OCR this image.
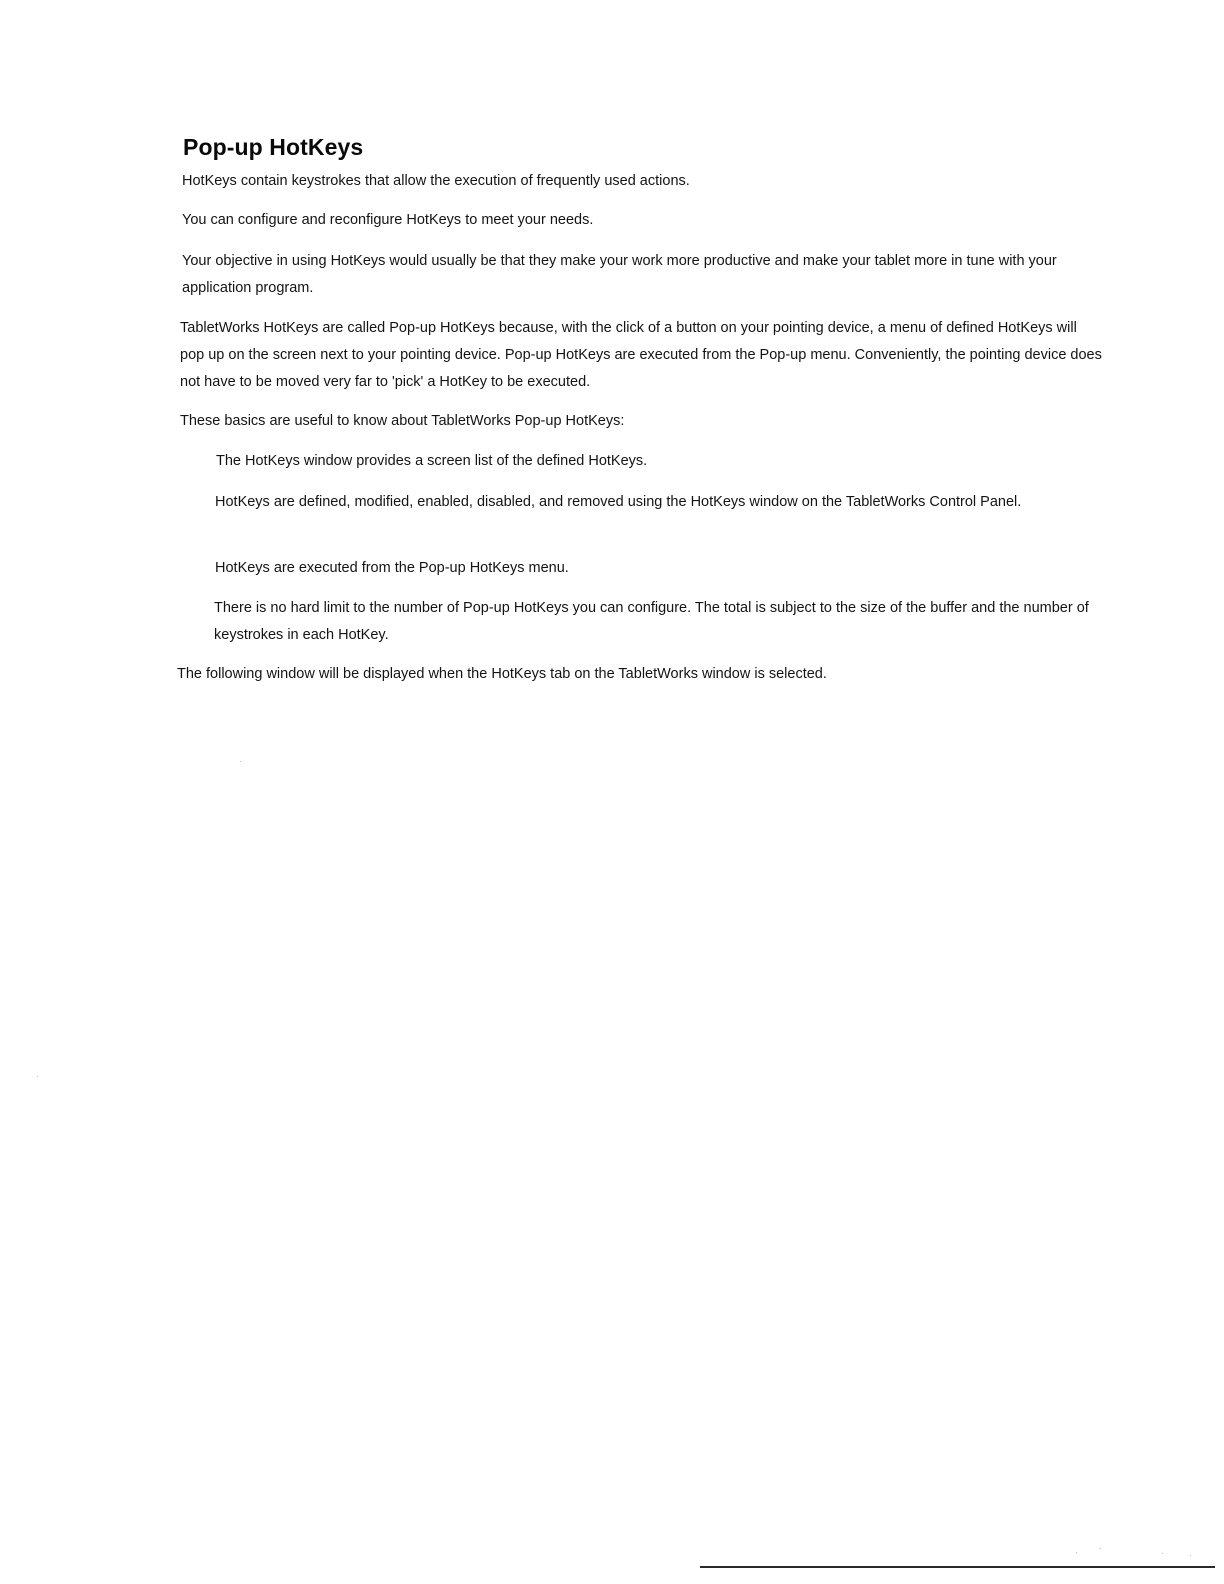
Pop-up HotKeys

HotKeys contain keystrokes that allow the execution of frequently used actions.

You can configure and reconfigure HotKeys to meet your needs.

Your objective in using HotKeys would usually be that they make your work more productive and make your tablet more in tune with your application program.

TabletWorks HotKeys are called Pop-up HotKeys because, with the click of a button on your pointing device, a menu of defined HotKeys will pop up on the screen next to your pointing device. Pop-up HotKeys are executed from the Pop-up menu. Conveniently, the pointing device does not have to be moved very far to 'pick' a HotKey to be executed.

These basics are useful to know about TabletWorks Pop-up HotKeys:

The HotKeys window provides a screen list of the defined HotKeys.

HotKeys are defined, modified, enabled, disabled, and removed using the HotKeys window on the TabletWorks Control Panel.

HotKeys are executed from the Pop-up HotKeys menu.

There is no hard limit to the number of Pop-up HotKeys you can configure. The total is subject to the size of the buffer and the number of keystrokes in each HotKey.

The following window will be displayed when the HotKeys tab on the TabletWorks window is selected.
